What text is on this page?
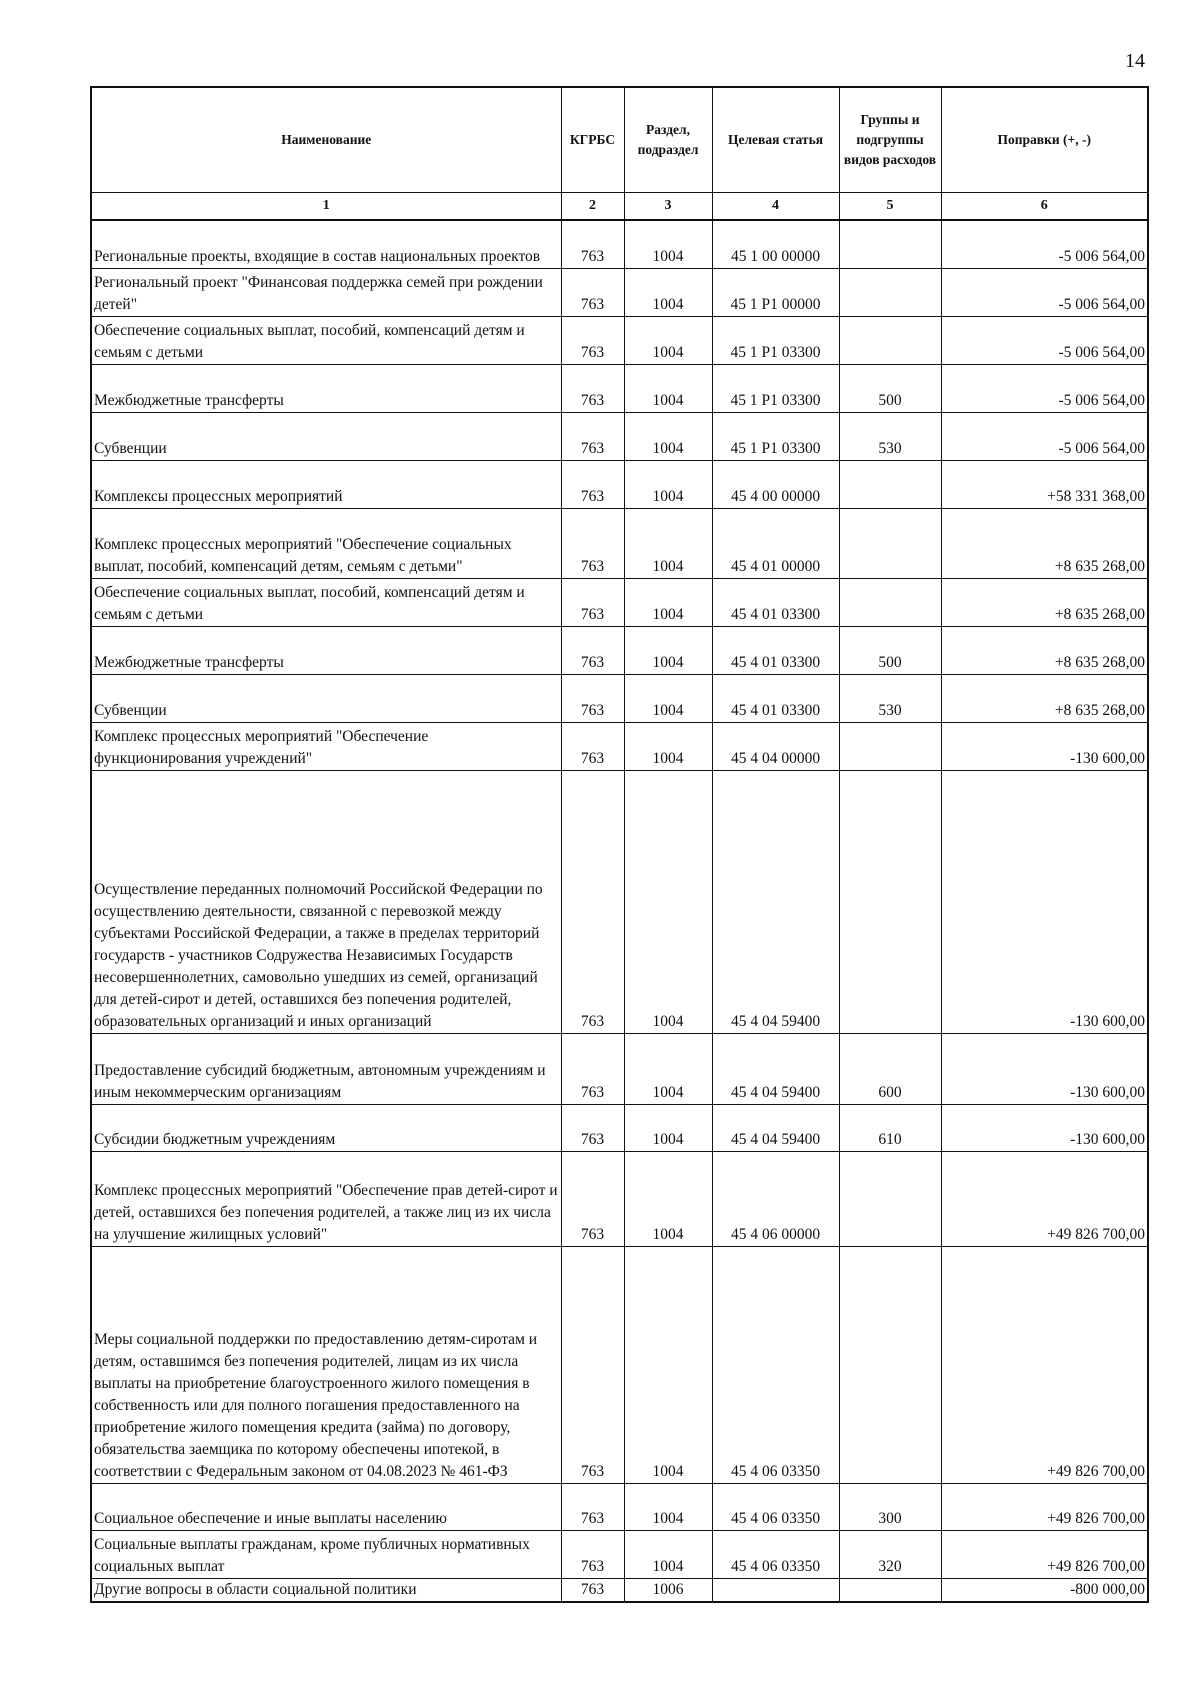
14
Наименование	КГРБС	Раздел, подраздел	Целевая статья	Группы и подгруппы видов расходов	Поправки (+, -)
1	2	3	4	5	6
Региональные проекты, входящие в состав национальных проектов	763	1004	45 1 00 00000		-5 006 564,00
Региональный проект "Финансовая поддержка семей при рождении детей"	763	1004	45 1 Р1 00000		-5 006 564,00
Обеспечение социальных выплат, пособий, компенсаций детям и семьям с детьми	763	1004	45 1 Р1 03300		-5 006 564,00
Межбюджетные трансферты	763	1004	45 1 Р1 03300	500	-5 006 564,00
Субвенции	763	1004	45 1 Р1 03300	530	-5 006 564,00
Комплексы процессных мероприятий	763	1004	45 4 00 00000		+58 331 368,00
Комплекс процессных мероприятий "Обеспечение социальных выплат, пособий, компенсаций детям, семьям с детьми"	763	1004	45 4 01 00000		+8 635 268,00
Обеспечение социальных выплат, пособий, компенсаций детям и семьям с детьми	763	1004	45 4 01 03300		+8 635 268,00
Межбюджетные трансферты	763	1004	45 4 01 03300	500	+8 635 268,00
Субвенции	763	1004	45 4 01 03300	530	+8 635 268,00
Комплекс процессных мероприятий "Обеспечение функционирования учреждений"	763	1004	45 4 04 00000		-130 600,00
Осуществление переданных полномочий Российской Федерации по осуществлению деятельности, связанной с перевозкой между субъектами Российской Федерации, а также в пределах территорий государств - участников Содружества Независимых Государств несовершеннолетних, самовольно ушедших из семей, организаций для детей-сирот и детей, оставшихся без попечения родителей, образовательных организаций и иных организаций	763	1004	45 4 04 59400		-130 600,00
Предоставление субсидий бюджетным, автономным учреждениям и иным некоммерческим организациям	763	1004	45 4 04 59400	600	-130 600,00
Субсидии бюджетным учреждениям	763	1004	45 4 04 59400	610	-130 600,00
Комплекс процессных мероприятий "Обеспечение прав детей-сирот и детей, оставшихся без попечения родителей, а также лиц из их числа на улучшение жилищных условий"	763	1004	45 4 06 00000		+49 826 700,00
Меры социальной поддержки по предоставлению детям-сиротам и детям, оставшимся без попечения родителей, лицам из их числа выплаты на приобретение благоустроенного жилого помещения в собственность или для полного погашения предоставленного на приобретение жилого помещения кредита (займа) по договору, обязательства заемщика по которому обеспечены ипотекой, в соответствии с Федеральным законом от 04.08.2023 № 461-ФЗ	763	1004	45 4 06 03350		+49 826 700,00
Социальное обеспечение и иные выплаты населению	763	1004	45 4 06 03350	300	+49 826 700,00
Социальные выплаты гражданам, кроме публичных нормативных социальных выплат	763	1004	45 4 06 03350	320	+49 826 700,00
Другие вопросы в области социальной политики	763	1006			-800 000,00
